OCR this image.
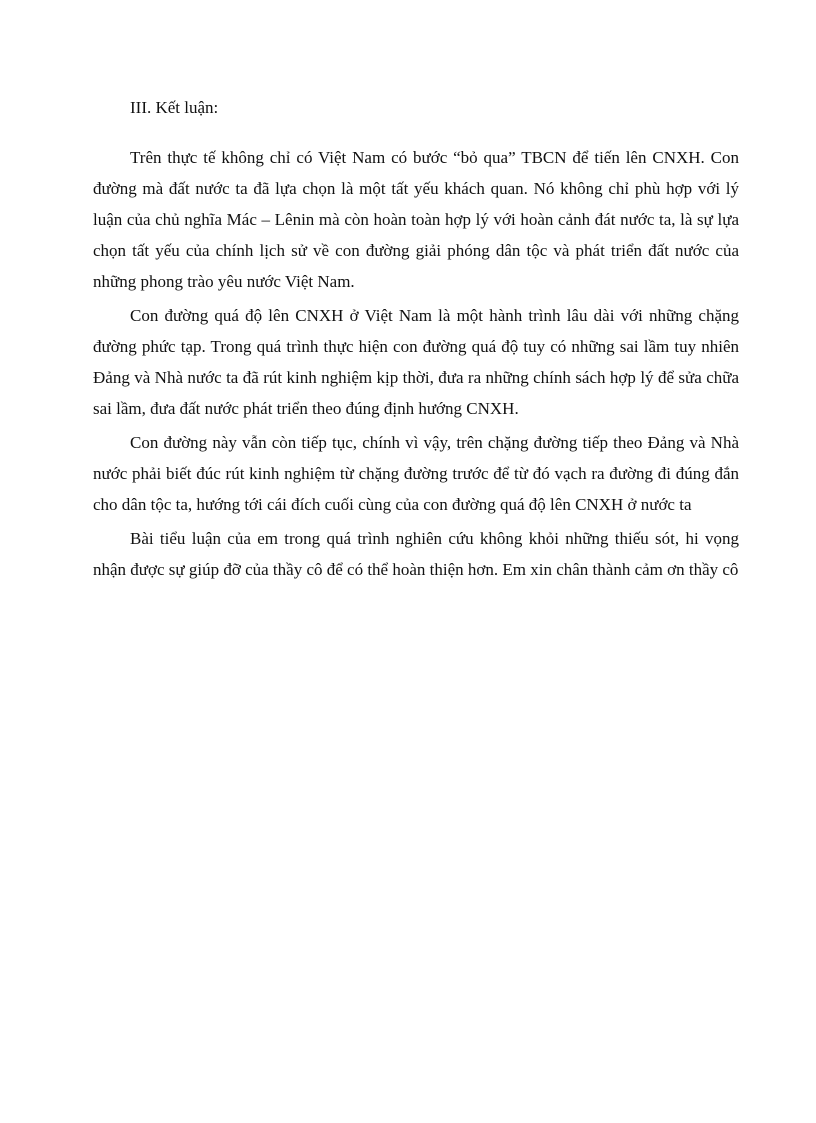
III. Kết luận:

Trên thực tế không chỉ có Việt Nam có bước “bỏ qua” TBCN để tiến lên CNXH. Con đường mà đất nước ta đã lựa chọn là một tất yếu khách quan. Nó không chỉ phù hợp với lý luận của chủ nghĩa Mác – Lênin mà còn hoàn toàn hợp lý với hoàn cảnh đát nước ta, là sự lựa chọn tất yếu của chính lịch sử về con đường giải phóng dân tộc và phát triển đất nước của những phong trào yêu nước Việt Nam.

Con đường quá độ lên CNXH ở Việt Nam là một hành trình lâu dài với những chặng đường phức tạp. Trong quá trình thực hiện con đường quá độ tuy có những sai lầm tuy nhiên Đảng và Nhà nước ta đã rút kinh nghiệm kịp thời, đưa ra những chính sách hợp lý để sửa chữa sai lầm, đưa đất nước phát triển theo đúng định hướng CNXH.

Con đường này vẫn còn tiếp tục, chính vì vậy, trên chặng đường tiếp theo Đảng và Nhà nước phải biết đúc rút kinh nghiệm từ chặng đường trước để từ đó vạch ra đường đi đúng đắn cho dân tộc ta, hướng tới cái đích cuối cùng của con đường quá độ lên CNXH ở nước ta

Bài tiểu luận của em trong quá trình nghiên cứu không khỏi những thiếu sót, hi vọng nhận được sự giúp đỡ của thầy cô để có thể hoàn thiện hơn. Em xin chân thành cảm ơn thầy cô
